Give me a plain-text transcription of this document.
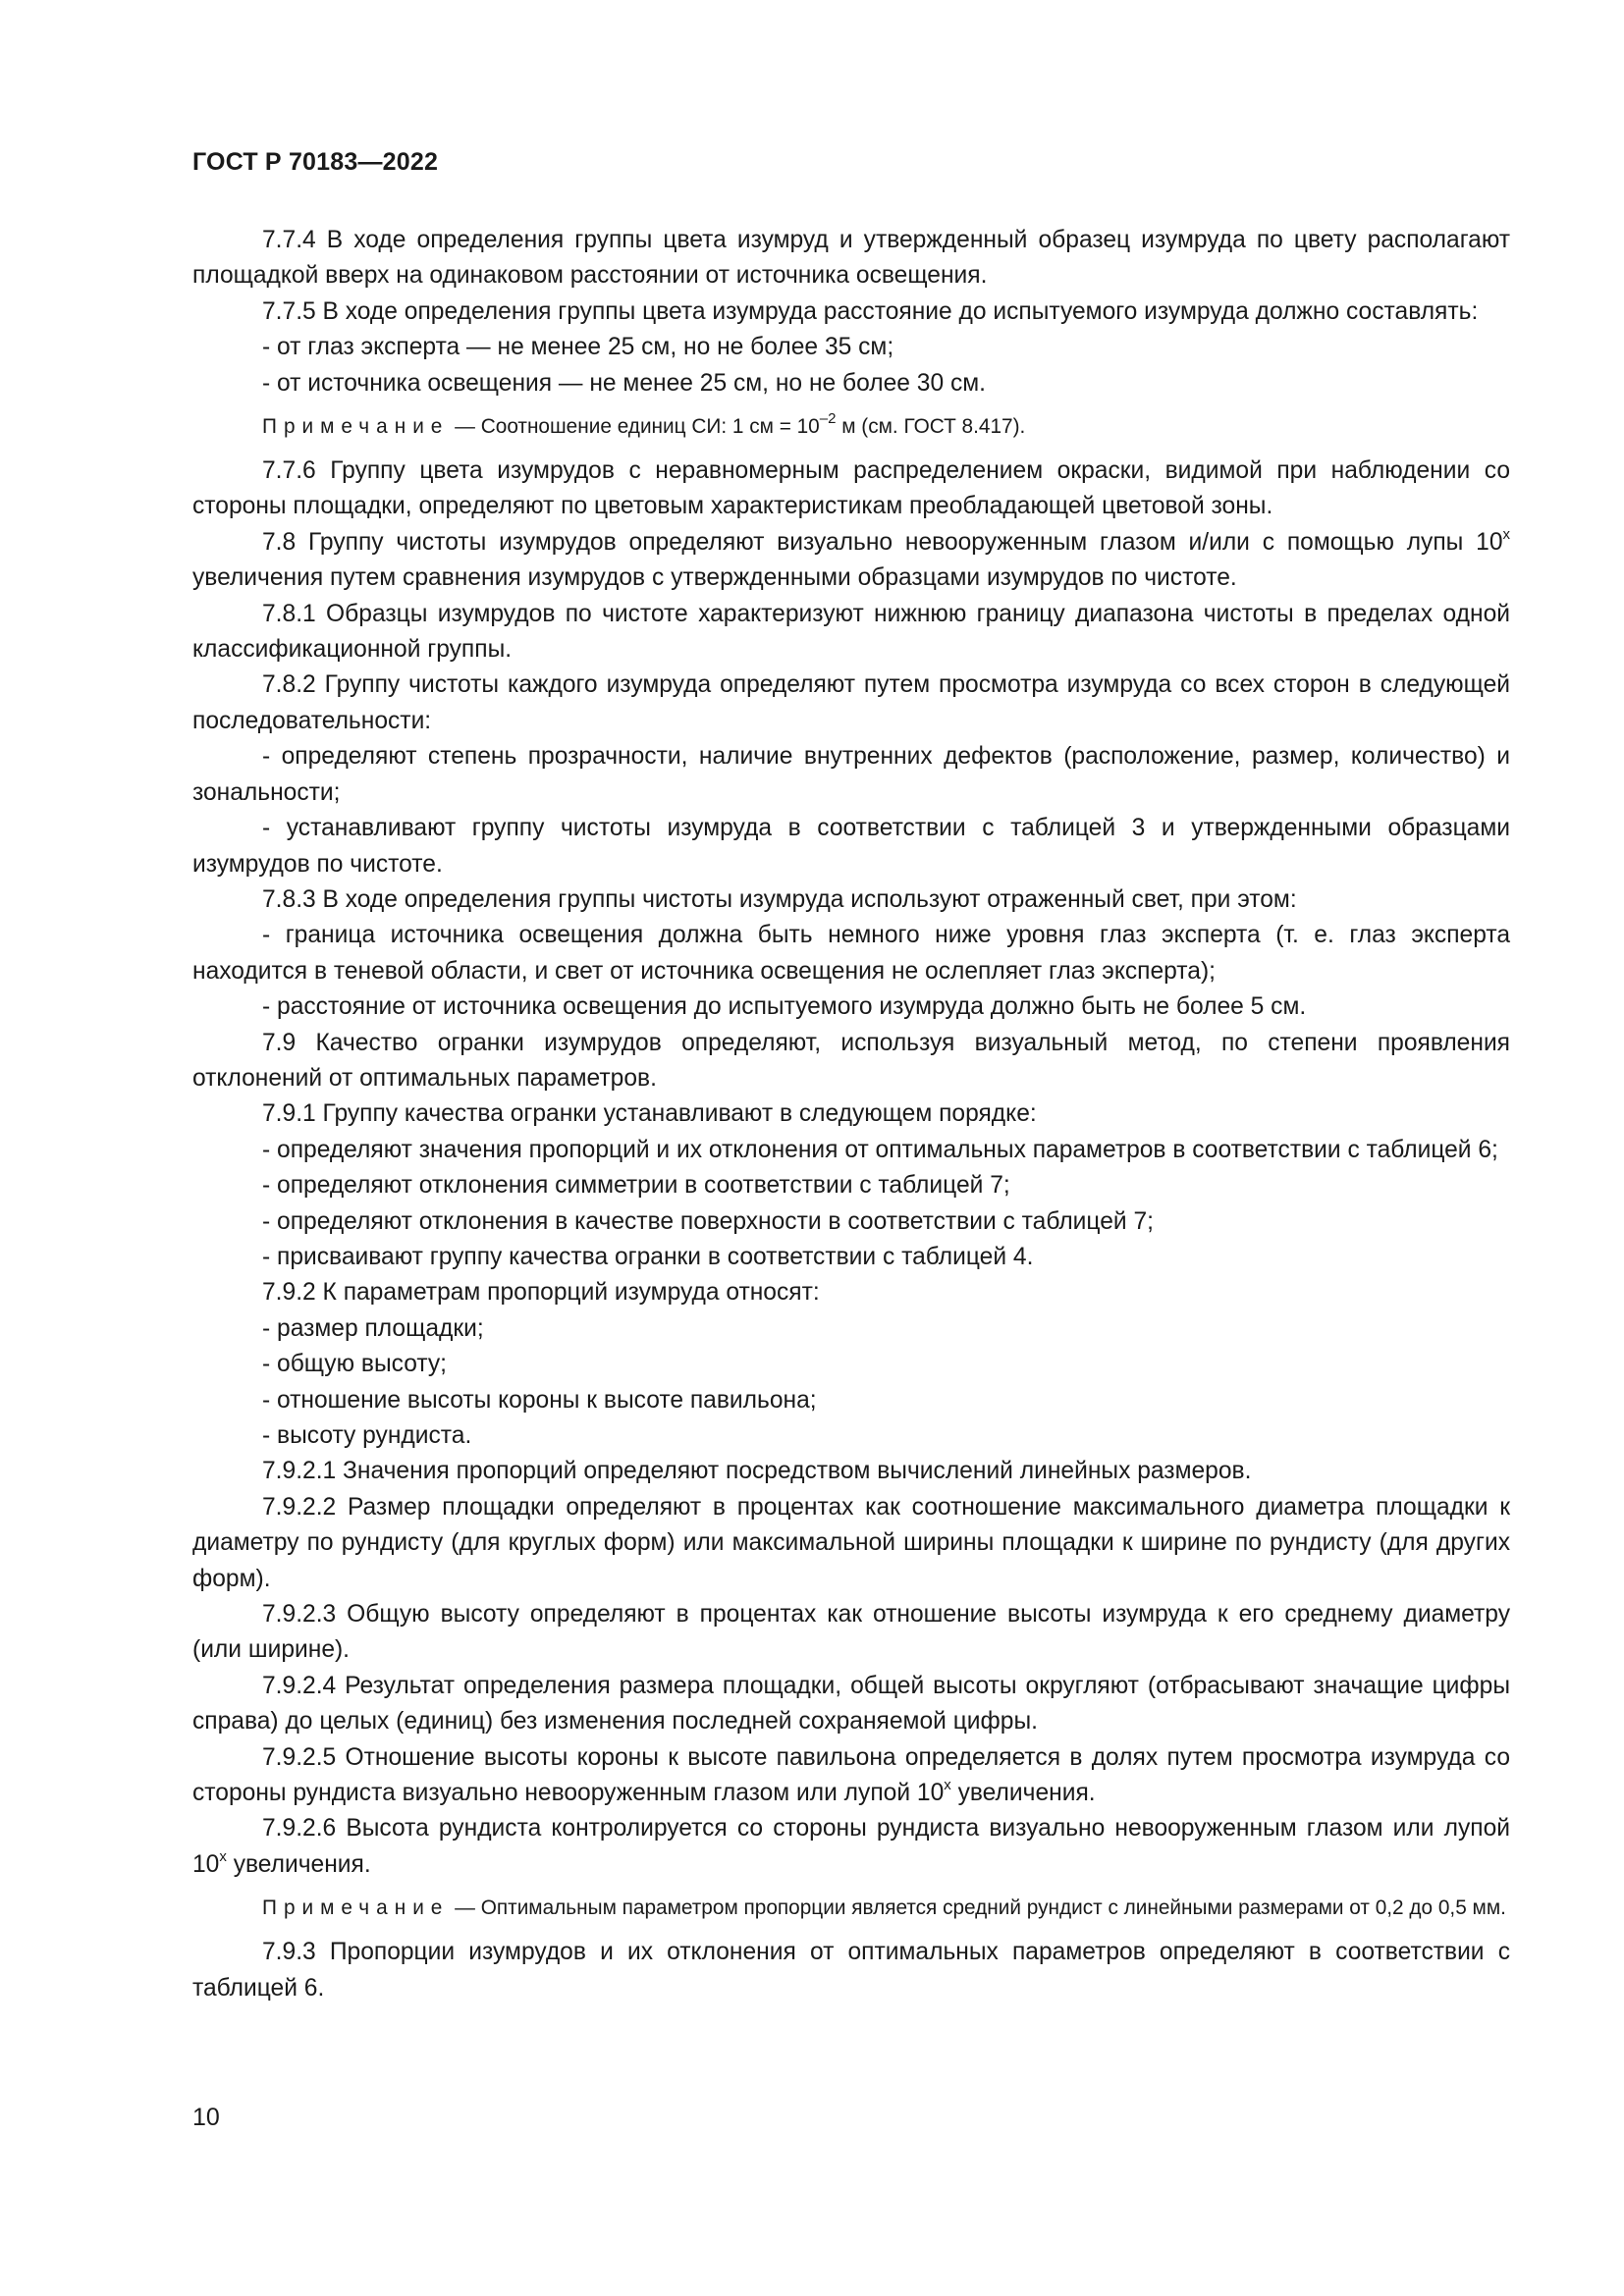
ГОСТ Р 70183—2022

7.7.4 В ходе определения группы цвета изумруд и утвержденный образец изумруда по цвету располагают площадкой вверх на одинаковом расстоянии от источника освещения.

7.7.5 В ходе определения группы цвета изумруда расстояние до испытуемого изумруда должно составлять:

- от глаз эксперта — не менее 25 см, но не более 35 см;

- от источника освещения — не менее 25 см, но не более 30 см.

Примечание — Соотношение единиц СИ: 1 см = $10^{-2}$ м (см. ГОСТ 8.417).

7.7.6 Группу цвета изумрудов с неравномерным распределением окраски, видимой при наблюдении со стороны площадки, определяют по цветовым характеристикам преобладающей цветовой зоны.

7.8 Группу чистоты изумрудов определяют визуально невооруженным глазом и/или с помощью лупы $10^х$ увеличения путем сравнения изумрудов с утвержденными образцами изумрудов по чистоте.

7.8.1 Образцы изумрудов по чистоте характеризуют нижнюю границу диапазона чистоты в пределах одной классификационной группы.

7.8.2 Группу чистоты каждого изумруда определяют путем просмотра изумруда со всех сторон в следующей последовательности:

- определяют степень прозрачности, наличие внутренних дефектов (расположение, размер, количество) и зональности;

- устанавливают группу чистоты изумруда в соответствии с таблицей 3 и утвержденными образцами изумрудов по чистоте.

7.8.3 В ходе определения группы чистоты изумруда используют отраженный свет, при этом:

- граница источника освещения должна быть немного ниже уровня глаз эксперта (т. е. глаз эксперта находится в теневой области, и свет от источника освещения не ослепляет глаз эксперта);

- расстояние от источника освещения до испытуемого изумруда должно быть не более 5 см.

7.9 Качество огранки изумрудов определяют, используя визуальный метод, по степени проявления отклонений от оптимальных параметров.

7.9.1 Группу качества огранки устанавливают в следующем порядке:

- определяют значения пропорций и их отклонения от оптимальных параметров в соответствии с таблицей 6;

- определяют отклонения симметрии в соответствии с таблицей 7;

- определяют отклонения в качестве поверхности в соответствии с таблицей 7;

- присваивают группу качества огранки в соответствии с таблицей 4.

7.9.2 К параметрам пропорций изумруда относят:

- размер площадки;

- общую высоту;

- отношение высоты короны к высоте павильона;

- высоту рундиста.

7.9.2.1 Значения пропорций определяют посредством вычислений линейных размеров.

7.9.2.2 Размер площадки определяют в процентах как соотношение максимального диаметра площадки к диаметру по рундисту (для круглых форм) или максимальной ширины площадки к ширине по рундисту (для других форм).

7.9.2.3 Общую высоту определяют в процентах как отношение высоты изумруда к его среднему диаметру (или ширине).

7.9.2.4 Результат определения размера площадки, общей высоты округляют (отбрасывают значащие цифры справа) до целых (единиц) без изменения последней сохраняемой цифры.

7.9.2.5 Отношение высоты короны к высоте павильона определяется в долях путем просмотра изумруда со стороны рундиста визуально невооруженным глазом или лупой $10^х$ увеличения.

7.9.2.6 Высота рундиста контролируется со стороны рундиста визуально невооруженным глазом или лупой $10^х$ увеличения.

Примечание — Оптимальным параметром пропорции является средний рундист с линейными размерами от 0,2 до 0,5 мм.

7.9.3 Пропорции изумрудов и их отклонения от оптимальных параметров определяют в соответствии с таблицей 6.

10
